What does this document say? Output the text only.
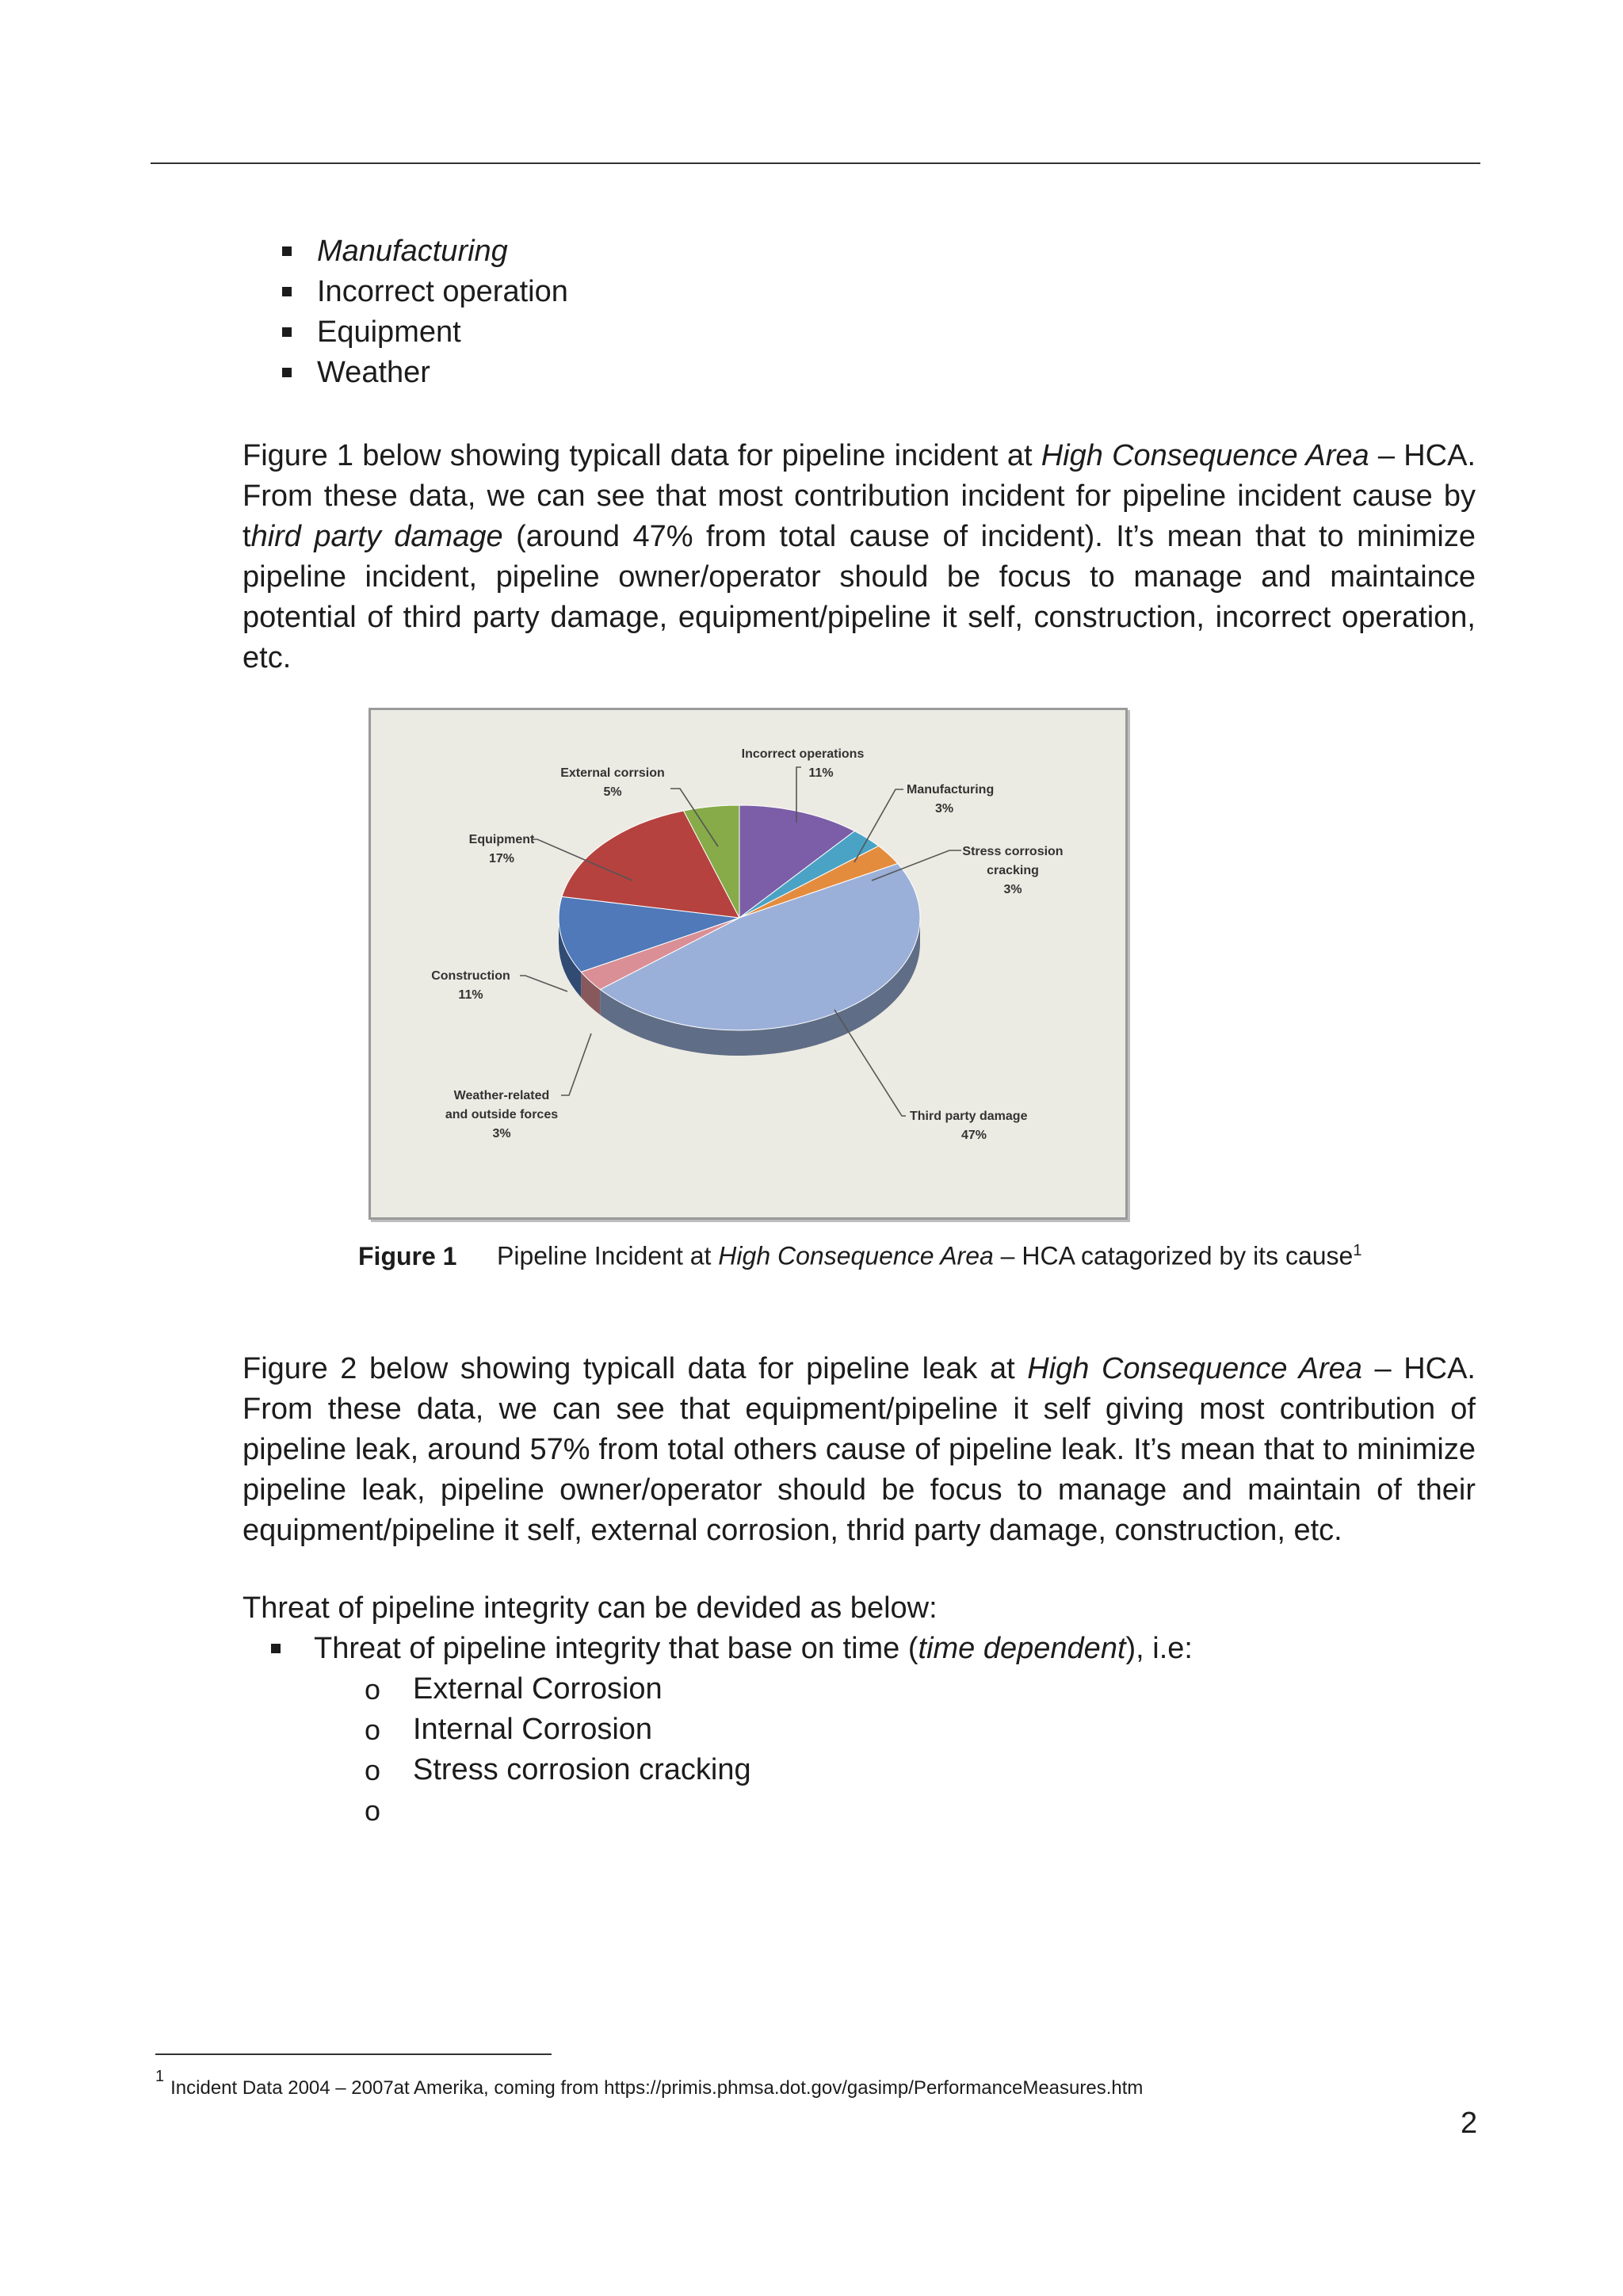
Manufacturing
Incorrect operation
Equipment
Weather

Figure 1 below showing typicall data for pipeline incident at High Consequence Area – HCA. From these data, we can see that most contribution incident for pipeline incident cause by third party damage (around 47% from total cause of incident). It’s mean that to minimize pipeline incident, pipeline owner/operator should be focus to manage and maintaince potential of third party damage, equipment/pipeline it self, construction, incorrect operation, etc.

Incorrect operations 11%
Manufacturing 3%
Stress corrosion cracking 3%
Third party damage 47%
Weather-related and outside forces 3%
Construction 11%
Equipment 17%
External corrsion 5%
Figure 1 Pipeline Incident at High Consequence Area – HCA catagorized by its cause$^1$

Figure 2 below showing typicall data for pipeline leak at High Consequence Area – HCA. From these data, we can see that equipment/pipeline it self giving most contribution of pipeline leak, around 57% from total others cause of pipeline leak. It’s mean that to minimize pipeline leak, pipeline owner/operator should be focus to manage and maintain of their equipment/pipeline it self, external corrosion, thrid party damage, construction, etc.

Threat of pipeline integrity can be devided as below:

Threat of pipeline integrity that base on time (time dependent), i.e:
o External Corrosion
o Internal Corrosion
o Stress corrosion cracking
o
$^1$Incident Data 2004 – 2007at Amerika, coming from https://primis.phmsa.dot.gov/gasimp/PerformanceMeasures.htm
2
